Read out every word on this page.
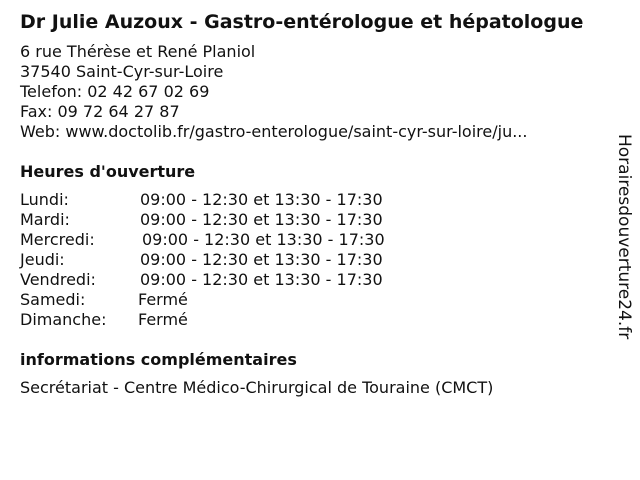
Dr Julie Auzoux - Gastro-entérologue et hépatologue
6 rue Thérèse et René Planiol
37540 Saint-Cyr-sur-Loire
Telefon: 02 42 67 02 69
Fax: 09 72 64 27 87
Web: www.doctolib.fr/gastro-enterologue/saint-cyr-sur-loire/ju...
Heures d'ouverture
Lundi:	09:00 - 12:30 et 13:30 - 17:30
Mardi:	09:00 - 12:30 et 13:30 - 17:30
Mercredi:	09:00 - 12:30 et 13:30 - 17:30
Jeudi:	09:00 - 12:30 et 13:30 - 17:30
Vendredi:	09:00 - 12:30 et 13:30 - 17:30
Samedi:	Fermé
Dimanche:	Fermé
informations complémentaires
Secrétariat - Centre Médico-Chirurgical de Touraine (CMCT)
Horairesdouverture24.fr
